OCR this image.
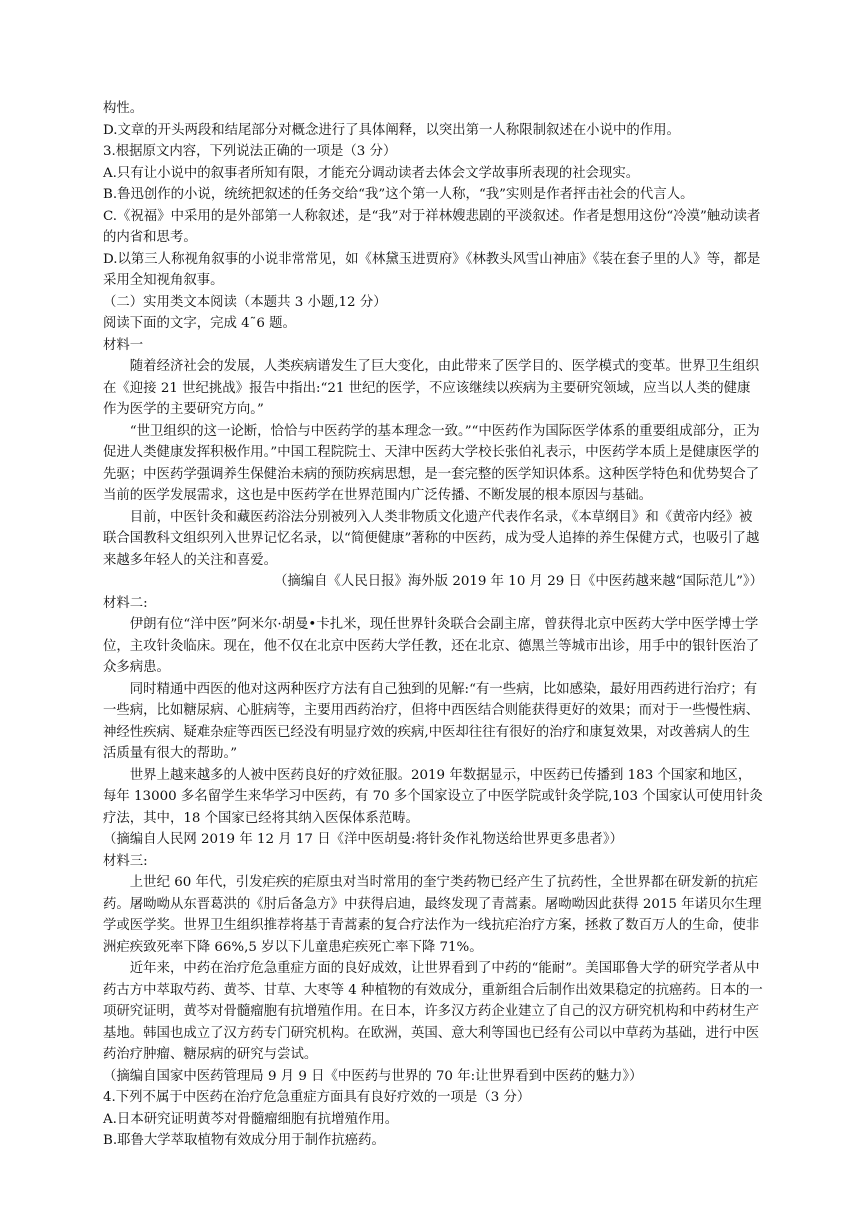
构性。

D.文章的开头两段和结尾部分对概念进行了具体阐释，以突出第一人称限制叙述在小说中的作用。

3.根据原文内容，下列说法正确的一项是（3 分）

A.只有让小说中的叙事者所知有限，才能充分调动读者去体会文学故事所表现的社会现实。

B.鲁迅创作的小说，统统把叙述的任务交给“我”这个第一人称，“我”实则是作者抨击社会的代言人。

C.《祝福》中采用的是外部第一人称叙述，是“我”对于祥林嫂悲剧的平淡叙述。作者是想用这份“冷漠”触动读者的内省和思考。

D.以第三人称视角叙事的小说非常常见，如《林黛玉进贾府》《林教头风雪山神庙》《装在套子里的人》等，都是采用全知视角叙事。

（二）实用类文本阅读（本题共 3 小题,12 分）

阅读下面的文字，完成 4˜6 题。

材料一

随着经济社会的发展，人类疾病谱发生了巨大变化，由此带来了医学目的、医学模式的变革。世界卫生组织在《迎接 21 世纪挑战》报告中指出:“21 世纪的医学，不应该继续以疾病为主要研究领域，应当以人类的健康作为医学的主要研究方向。”

“世卫组织的这一论断，恰恰与中医药学的基本理念一致。”“中医药作为国际医学体系的重要组成部分，正为促进人类健康发挥积极作用。”中国工程院院士、天津中医药大学校长张伯礼表示，中医药学本质上是健康医学的先驱；中医药学强调养生保健治未病的预防疾病思想，是一套完整的医学知识体系。这种医学特色和优势契合了当前的医学发展需求，这也是中医药学在世界范围内广泛传播、不断发展的根本原因与基础。

目前，中医针灸和藏医药浴法分别被列入人类非物质文化遗产代表作名录，《本草纲目》和《黄帝内经》被联合国教科文组织列入世界记忆名录，以“简便健康”著称的中医药，成为受人追捧的养生保健方式，也吸引了越来越多年轻人的关注和喜爱。

（摘编自《人民日报》海外版 2019 年 10 月 29 日《中医药越来越“国际范儿”》）

材料二:

伊朗有位“洋中医”阿米尔·胡曼•卡扎米，现任世界针灸联合会副主席，曾获得北京中医药大学中医学博士学位，主攻针灸临床。现在，他不仅在北京中医药大学任教，还在北京、德黑兰等城市出诊，用手中的银针医治了众多病患。

同时精通中西医的他对这两种医疗方法有自己独到的见解:“有一些病，比如感染，最好用西药进行治疗；有一些病，比如糖尿病、心脏病等，主要用西药治疗，但将中西医结合则能获得更好的效果；而对于一些慢性病、神经性疾病、疑难杂症等西医已经没有明显疗效的疾病,中医却往往有很好的治疗和康复效果，对改善病人的生活质量有很大的帮助。”

世界上越来越多的人被中医药良好的疗效征服。2019 年数据显示，中医药已传播到 183 个国家和地区，每年 13000 多名留学生来华学习中医药，有 70 多个国家设立了中医学院或针灸学院,103 个国家认可使用针灸疗法，其中，18 个国家已经将其纳入医保体系范畴。

（摘编自人民网 2019 年 12 月 17 日《洋中医胡曼:将针灸作礼物送给世界更多患者》）

材料三:

上世纪 60 年代，引发疟疾的疟原虫对当时常用的奎宁类药物已经产生了抗药性，全世界都在研发新的抗疟药。屠呦呦从东晋葛洪的《肘后备急方》中获得启迪，最终发现了青蒿素。屠呦呦因此获得 2015 年诺贝尔生理学或医学奖。世界卫生组织推荐将基于青蒿素的复合疗法作为一线抗疟治疗方案，拯救了数百万人的生命，使非洲疟疾致死率下降 66%,5 岁以下儿童患疟疾死亡率下降 71%。

近年来，中药在治疗危急重症方面的良好成效，让世界看到了中药的“能耐”。美国耶鲁大学的研究学者从中药古方中萃取芍药、黄芩、甘草、大枣等 4 种植物的有效成分，重新组合后制作出效果稳定的抗癌药。日本的一项研究证明，黄芩对骨髓瘤胞有抗增殖作用。在日本，许多汉方药企业建立了自己的汉方研究机构和中药材生产基地。韩国也成立了汉方药专门研究机构。在欧洲，英国、意大利等国也已经有公司以中草药为基础，进行中医药治疗肿瘤、糖尿病的研究与尝试。

（摘编自国家中医药管理局 9 月 9 日《中医药与世界的 70 年:让世界看到中医药的魅力》）

4.下列不属于中医药在治疗危急重症方面具有良好疗效的一项是（3 分）

A.日本研究证明黄芩对骨髓瘤细胞有抗增殖作用。

B.耶鲁大学萃取植物有效成分用于制作抗癌药。
